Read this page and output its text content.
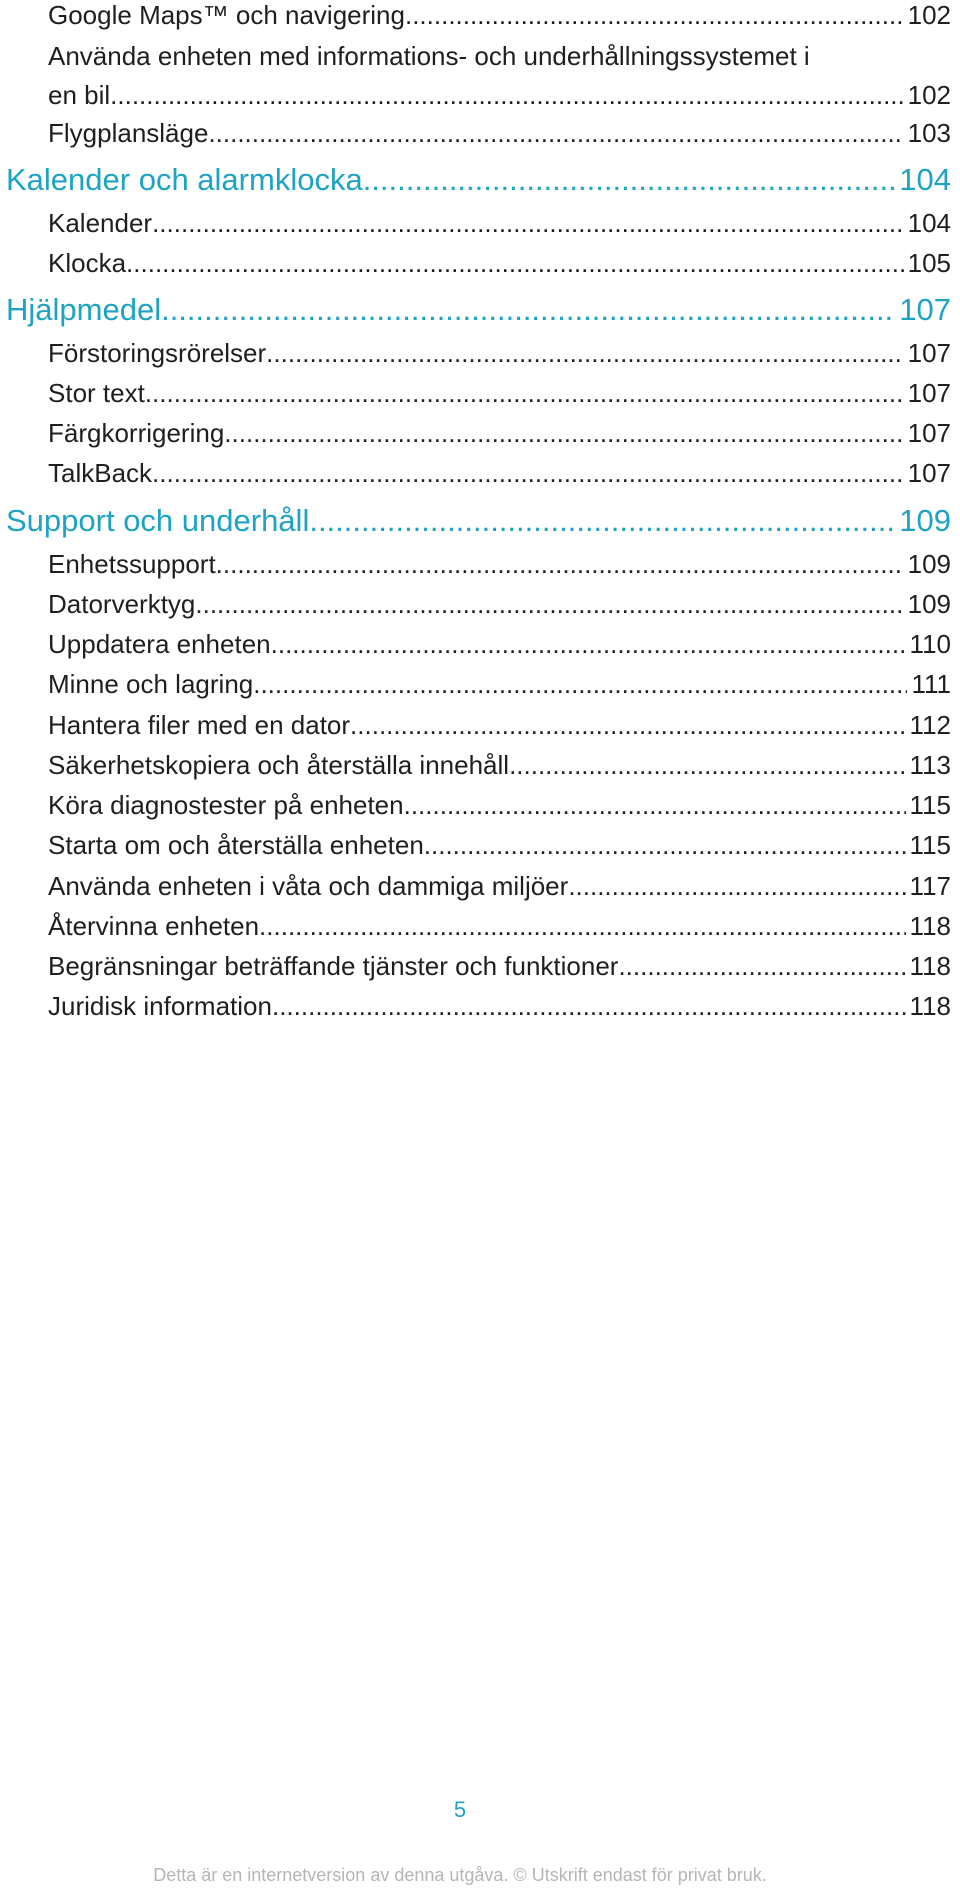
Google Maps™ och navigering .....	102
Använda enheten med informations- och underhållningssystemet i
en bil .....	102
Flygplansläge .....	103
Kalender och alarmklocka .....	104
Kalender .....	104
Klocka .....	105
Hjälpmedel .....	107
Förstoringsrörelser .....	107
Stor text .....	107
Färgkorrigering .....	107
TalkBack .....	107
Support och underhåll .....	109
Enhetssupport .....	109
Datorverktyg .....	109
Uppdatera enheten .....	110
Minne och lagring .....	111
Hantera filer med en dator .....	112
Säkerhetskopiera och återställa innehåll .....	113
Köra diagnostester på enheten .....	115
Starta om och återställa enheten .....	115
Använda enheten i våta och dammiga miljöer .....	117
Återvinna enheten .....	118
Begränsningar beträffande tjänster och funktioner .....	118
Juridisk information .....	118
5
Detta är en internetversion av denna utgåva. © Utskrift endast för privat bruk.
